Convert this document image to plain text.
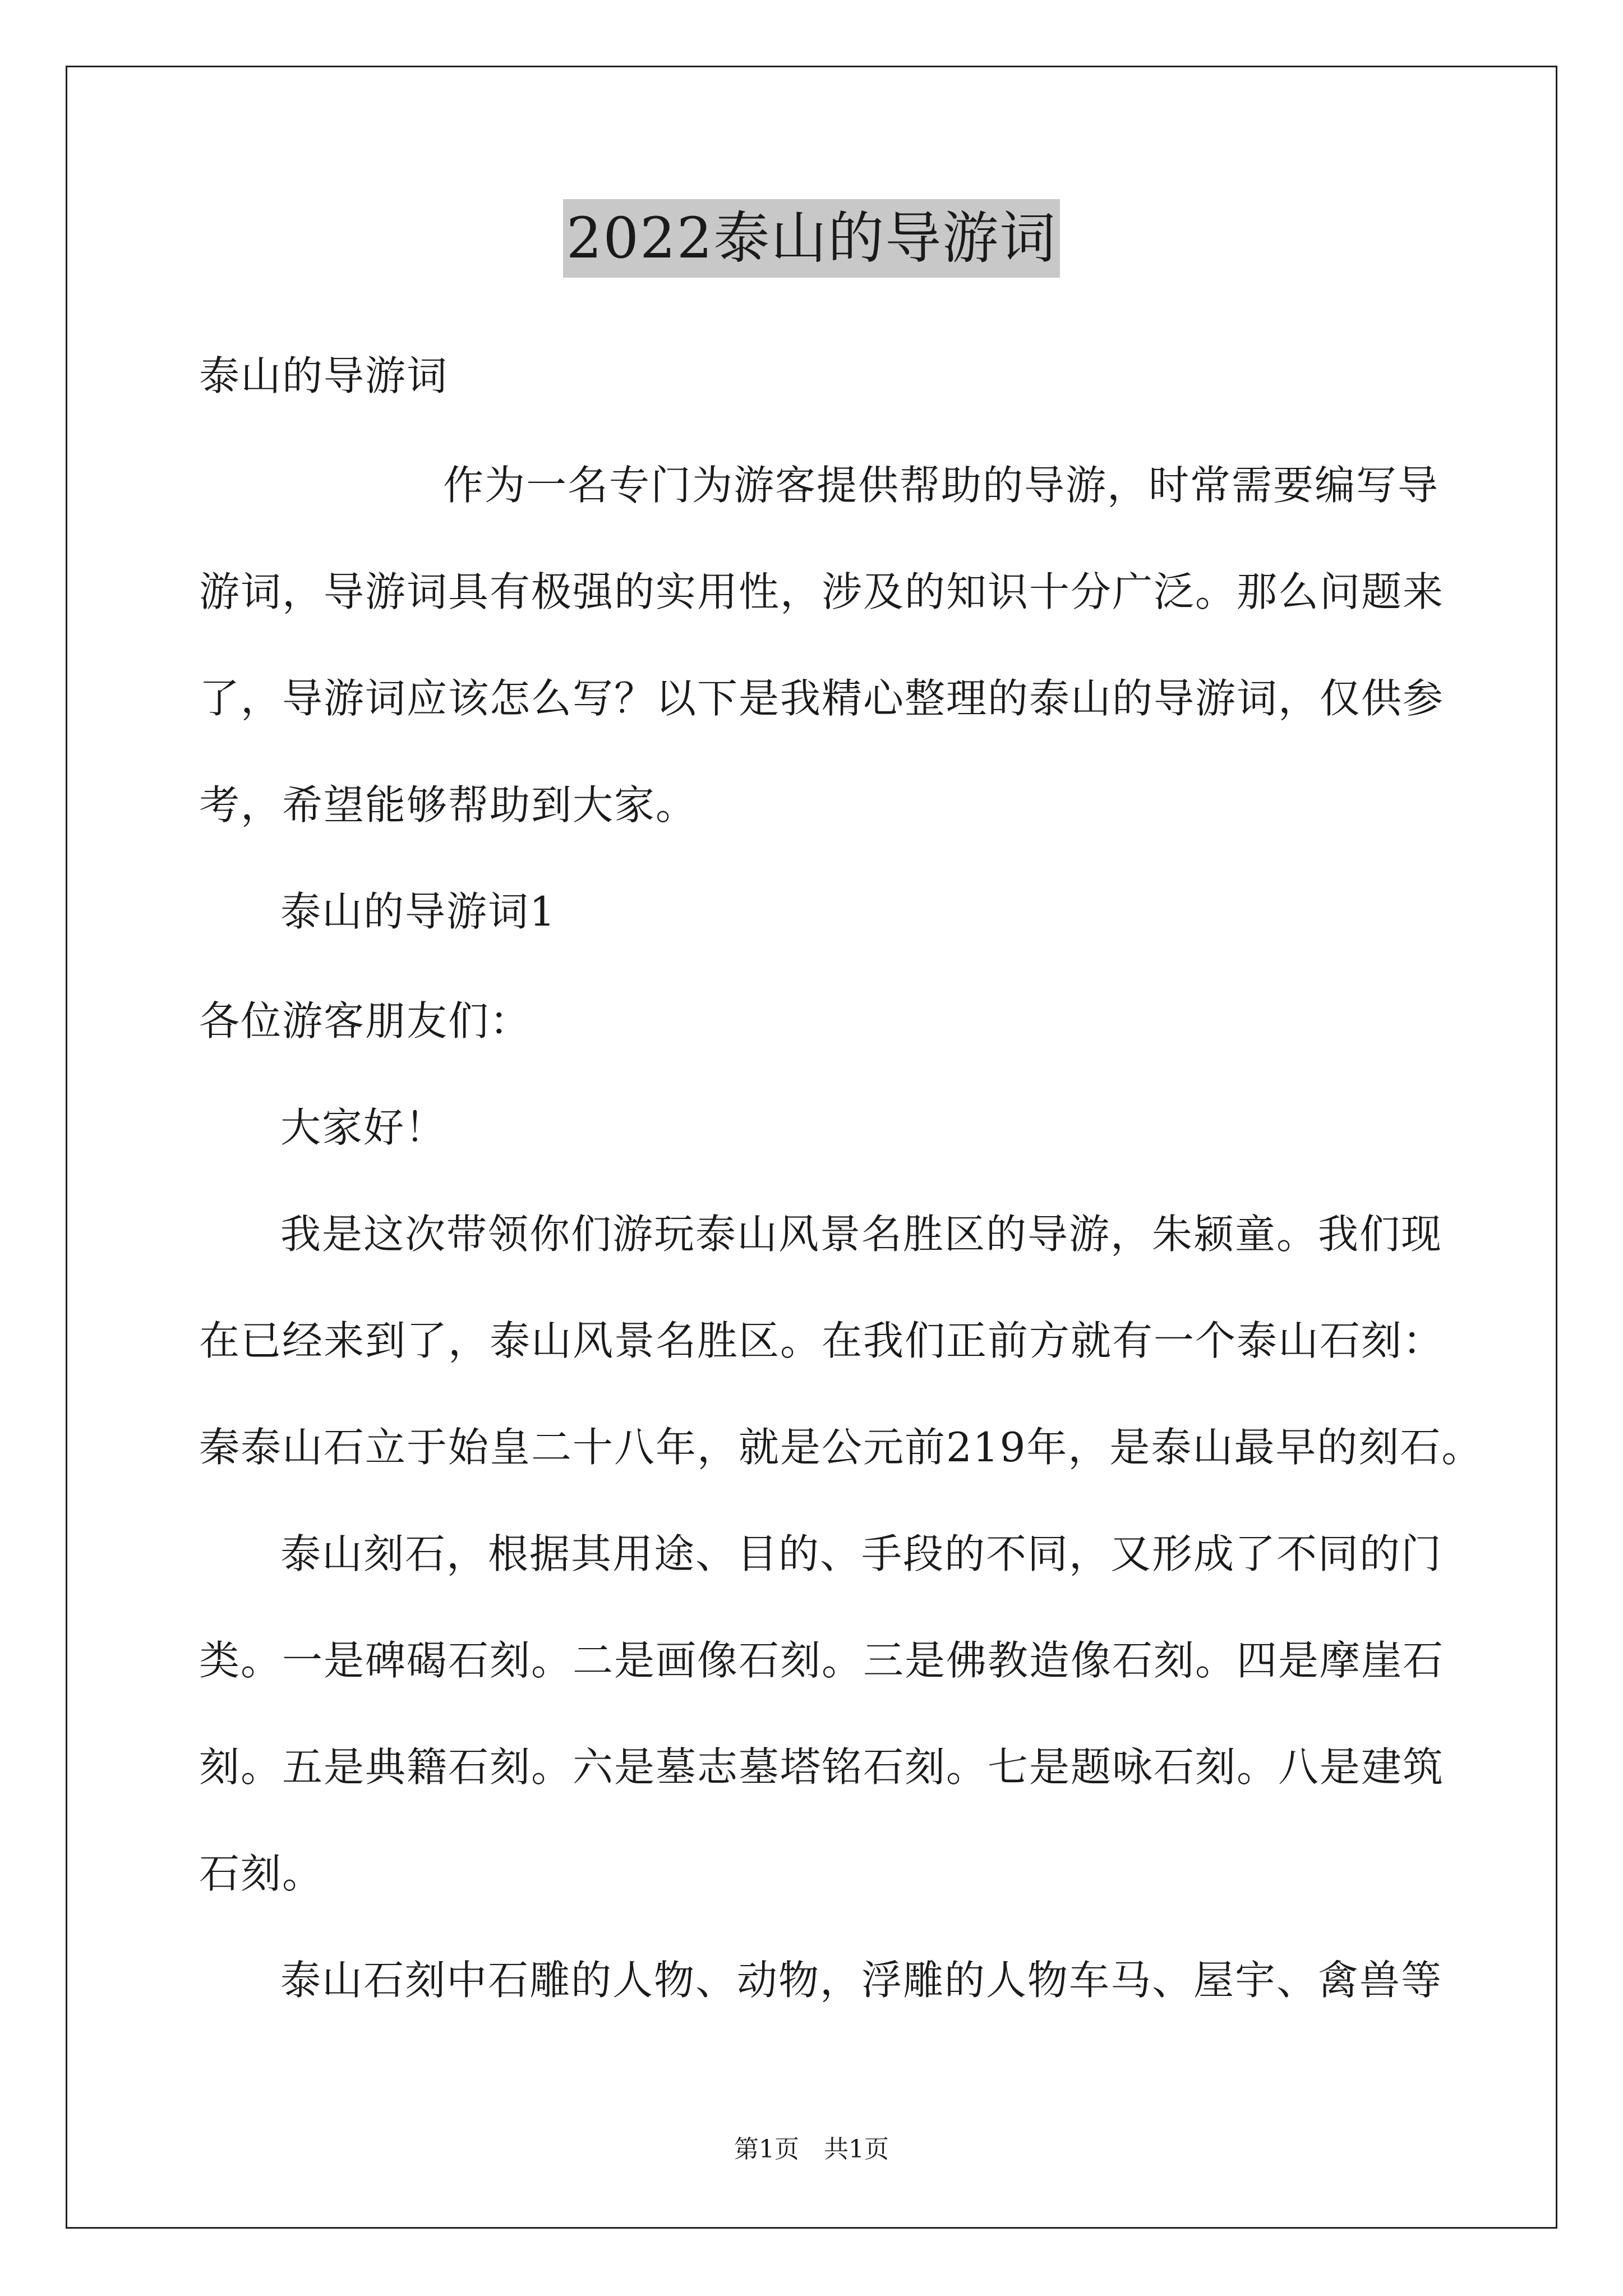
2022泰山的导游词
泰山的导游词
作为一名专门为游客提供帮助的导游，时常需要编写导
游词，导游词具有极强的实用性，涉及的知识十分广泛。那么问题来
了，导游词应该怎么写？以下是我精心整理的泰山的导游词，仅供参
考，希望能够帮助到大家。
泰山的导游词1
各位游客朋友们：
大家好！
我是这次带领你们游玩泰山风景名胜区的导游，朱颍童。我们现
在已经来到了，泰山风景名胜区。在我们正前方就有一个泰山石刻：
秦泰山石立于始皇二十八年，就是公元前219年，是泰山最早的刻石。
泰山刻石，根据其用途、目的、手段的不同，又形成了不同的门
类。一是碑碣石刻。二是画像石刻。三是佛教造像石刻。四是摩崖石
刻。五是典籍石刻。六是墓志墓塔铭石刻。七是题咏石刻。八是建筑
石刻。
泰山石刻中石雕的人物、动物，浮雕的人物车马、屋宇、禽兽等
第1页　共1页
